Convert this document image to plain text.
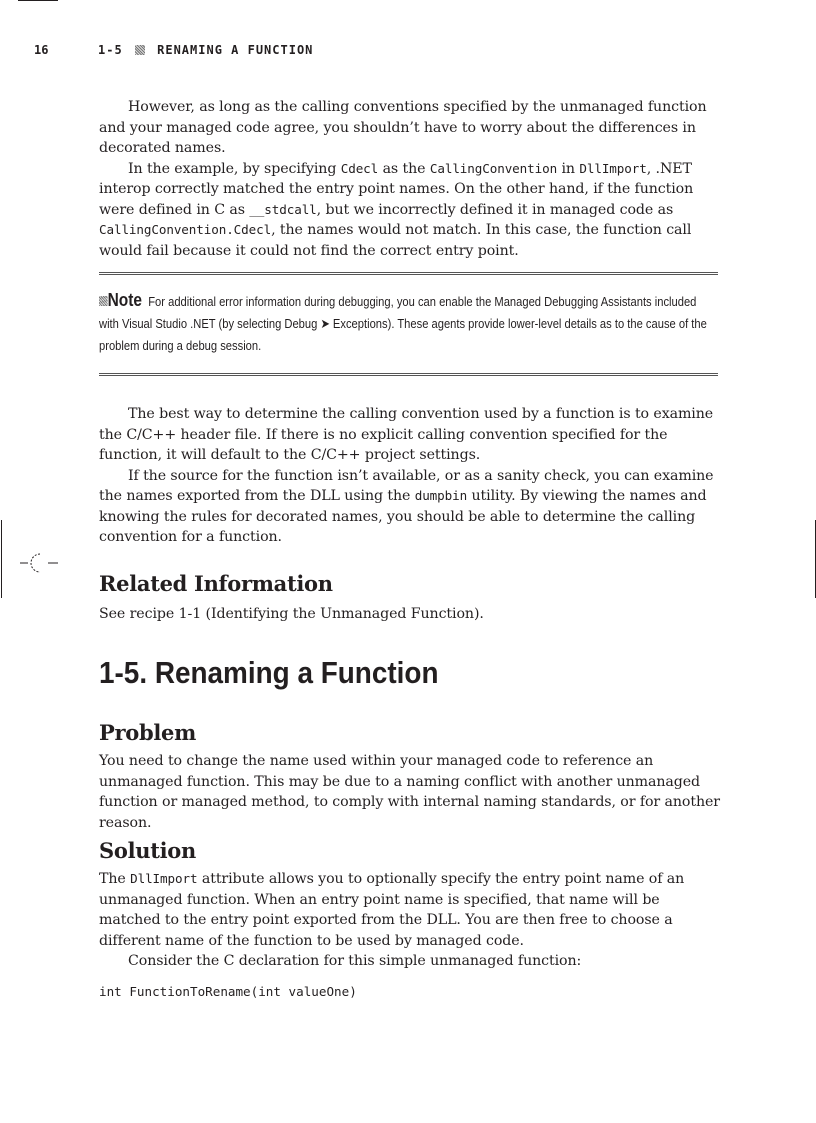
16	1-5  RENAMING A FUNCTION

However, as long as the calling conventions specified by the unmanaged function and your managed code agree, you shouldn’t have to worry about the differences in decorated names.

In the example, by specifying Cdecl as the CallingConvention in DllImport, .NET interop correctly matched the entry point names. On the other hand, if the function were defined in C as __stdcall, but we incorrectly defined it in managed code as CallingConvention.Cdecl, the names would not match. In this case, the function call would fail because it could not find the correct entry point.

Note For additional error information during debugging, you can enable the Managed Debugging Assistants included with Visual Studio .NET (by selecting Debug ➤ Exceptions). These agents provide lower-level details as to the cause of the problem during a debug session.

The best way to determine the calling convention used by a function is to examine the C/C++ header file. If there is no explicit calling convention specified for the function, it will default to the C/C++ project settings.

If the source for the function isn’t available, or as a sanity check, you can examine the names exported from the DLL using the dumpbin utility. By viewing the names and knowing the rules for decorated names, you should be able to determine the calling convention for a function.

Related Information

See recipe 1-1 (Identifying the Unmanaged Function).

1-5. Renaming a Function
Problem

You need to change the name used within your managed code to reference an unmanaged function. This may be due to a naming conflict with another unmanaged function or managed method, to comply with internal naming standards, or for another reason.

Solution

The DllImport attribute allows you to optionally specify the entry point name of an unmanaged function. When an entry point name is specified, that name will be matched to the entry point exported from the DLL. You are then free to choose a different name of the function to be used by managed code.

Consider the C declaration for this simple unmanaged function:

int FunctionToRename(int valueOne)
